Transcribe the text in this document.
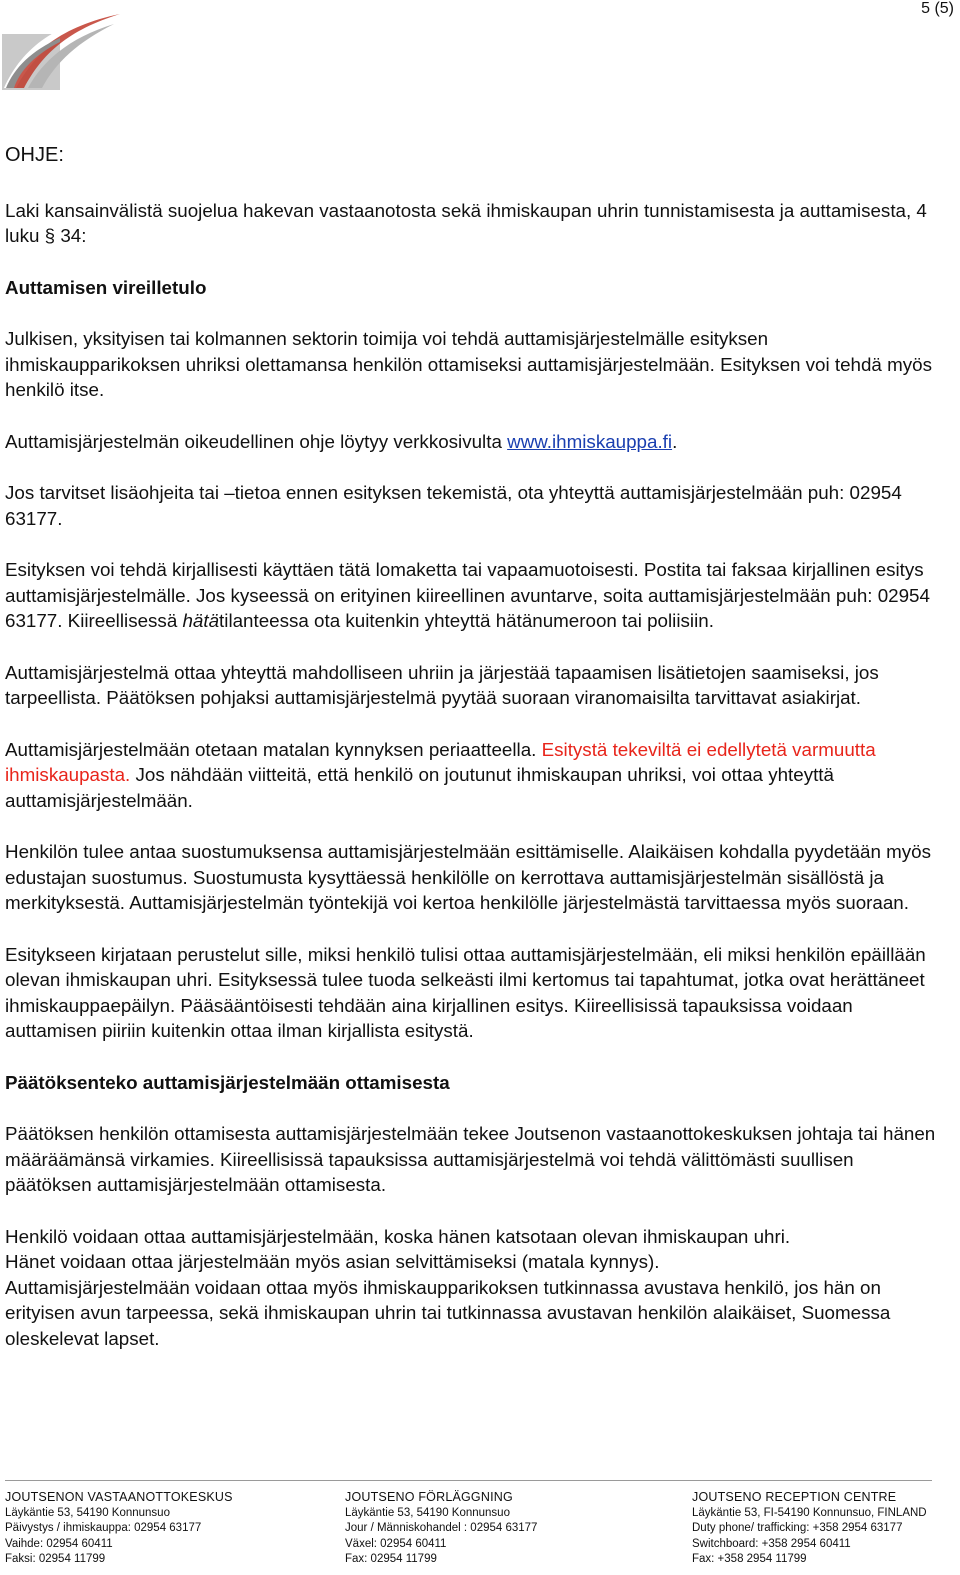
5 (5)

OHJE:

Laki kansainvälistä suojelua hakevan vastaanotosta sekä ihmiskaupan uhrin tunnistamisesta ja auttamisesta, 4 luku § 34:

Auttamisen vireilletulo

Julkisen, yksityisen tai kolmannen sektorin toimija voi tehdä auttamisjärjestelmälle esityksen ihmiskaupparikoksen uhriksi olettamansa henkilön ottamiseksi auttamisjärjestelmään. Esityksen voi tehdä myös henkilö itse.

Auttamisjärjestelmän oikeudellinen ohje löytyy verkkosivulta www.ihmiskauppa.fi.

Jos tarvitset lisäohjeita tai –tietoa ennen esityksen tekemistä, ota yhteyttä auttamisjärjestelmään puh: 02954 63177.

Esityksen voi tehdä kirjallisesti käyttäen tätä lomaketta tai vapaamuotoisesti. Postita tai faksaa kirjallinen esitys auttamisjärjestelmälle. Jos kyseessä on erityinen kiireellinen avuntarve, soita auttamisjärjestelmään puh: 02954 63177. Kiireellisessä hätätilanteessa ota kuitenkin yhteyttä hätänumeroon tai poliisiin.

Auttamisjärjestelmä ottaa yhteyttä mahdolliseen uhriin ja järjestää tapaamisen lisätietojen saamiseksi, jos tarpeellista. Päätöksen pohjaksi auttamisjärjestelmä pyytää suoraan viranomaisilta tarvittavat asiakirjat.

Auttamisjärjestelmään otetaan matalan kynnyksen periaatteella. Esitystä tekeviltä ei edellytetä varmuutta ihmiskaupasta. Jos nähdään viitteitä, että henkilö on joutunut ihmiskaupan uhriksi, voi ottaa yhteyttä auttamisjärjestelmään.

Henkilön tulee antaa suostumuksensa auttamisjärjestelmään esittämiselle. Alaikäisen kohdalla pyydetään myös edustajan suostumus. Suostumusta kysyttäessä henkilölle on kerrottava auttamisjärjestelmän sisällöstä ja merkityksestä. Auttamisjärjestelmän työntekijä voi kertoa henkilölle järjestelmästä tarvittaessa myös suoraan.

Esitykseen kirjataan perustelut sille, miksi henkilö tulisi ottaa auttamisjärjestelmään, eli miksi henkilön epäillään olevan ihmiskaupan uhri. Esityksessä tulee tuoda selkeästi ilmi kertomus tai tapahtumat, jotka ovat herättäneet ihmiskauppaepäilyn. Pääsääntöisesti tehdään aina kirjallinen esitys. Kiireellisissä tapauksissa voidaan auttamisen piiriin kuitenkin ottaa ilman kirjallista esitystä.

Päätöksenteko auttamisjärjestelmään ottamisesta

Päätöksen henkilön ottamisesta auttamisjärjestelmään tekee Joutsenon vastaanottokeskuksen johtaja tai hänen määräämänsä virkamies. Kiireellisissä tapauksissa auttamisjärjestelmä voi tehdä välittömästi suullisen päätöksen auttamisjärjestelmään ottamisesta.

Henkilö voidaan ottaa auttamisjärjestelmään, koska hänen katsotaan olevan ihmiskaupan uhri.

Hänet voidaan ottaa järjestelmään myös asian selvittämiseksi (matala kynnys).

Auttamisjärjestelmään voidaan ottaa myös ihmiskaupparikoksen tutkinnassa avustava henkilö, jos hän on erityisen avun tarpeessa, sekä ihmiskaupan uhrin tai tutkinnassa avustavan henkilön alaikäiset, Suomessa oleskelevat lapset.

JOUTSENON VASTAANOTTOKESKUS
Läykäntie 53, 54190 Konnunsuo
Päivystys / ihmiskauppa: 02954 63177
Vaihde: 02954 60411
Faksi: 02954 11799
JOUTSENO FÖRLÄGGNING
Läykäntie 53, 54190 Konnunsuo
Jour / Människohandel : 02954 63177
Växel: 02954 60411
Fax: 02954 11799
JOUTSENO RECEPTION CENTRE
Läykäntie 53, FI-54190 Konnunsuo, FINLAND
Duty phone/ trafficking: +358 2954 63177
Switchboard: +358 2954 60411
Fax: +358 2954 11799
